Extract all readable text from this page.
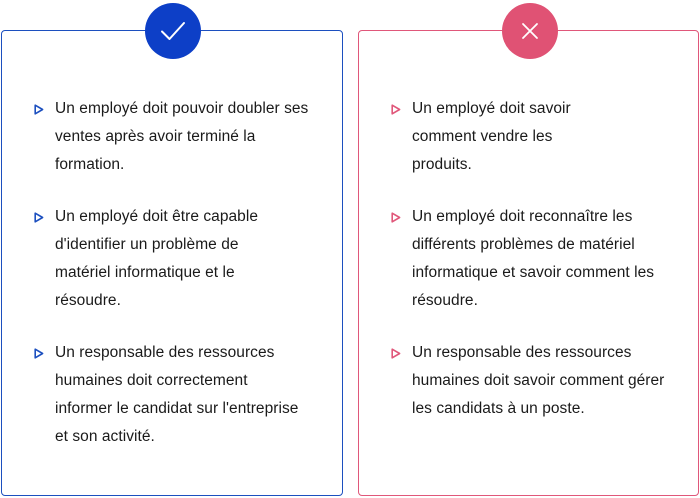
Un employé doit pouvoir doubler ses ventes après avoir terminé la formation.
Un employé doit être capable d'identifier un problème de matériel informatique et le résoudre.
Un responsable des ressources humaines doit correctement informer le candidat sur l'entreprise et son activité.
Un employé doit savoir comment vendre les produits.
Un employé doit reconnaître les différents problèmes de matériel informatique et savoir comment les résoudre.
Un responsable des ressources humaines doit savoir comment gérer les candidats à un poste.
